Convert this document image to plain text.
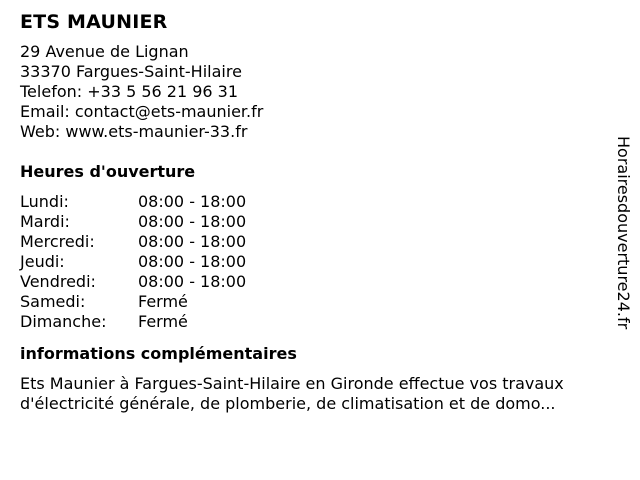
ETS MAUNIER
29 Avenue de Lignan
33370 Fargues-Saint-Hilaire
Telefon: +33 5 56 21 96 31
Email: contact@ets-maunier.fr
Web: www.ets-maunier-33.fr
Heures d'ouverture
Lundi:	08:00 - 18:00
Mardi:	08:00 - 18:00
Mercredi:	08:00 - 18:00
Jeudi:	08:00 - 18:00
Vendredi:	08:00 - 18:00
Samedi:	Fermé
Dimanche:	Fermé
informations complémentaires
Ets Maunier à Fargues-Saint-Hilaire en Gironde effectue vos travaux
d'électricité générale, de plomberie, de climatisation et de domo...
Horairesdouverture24.fr
